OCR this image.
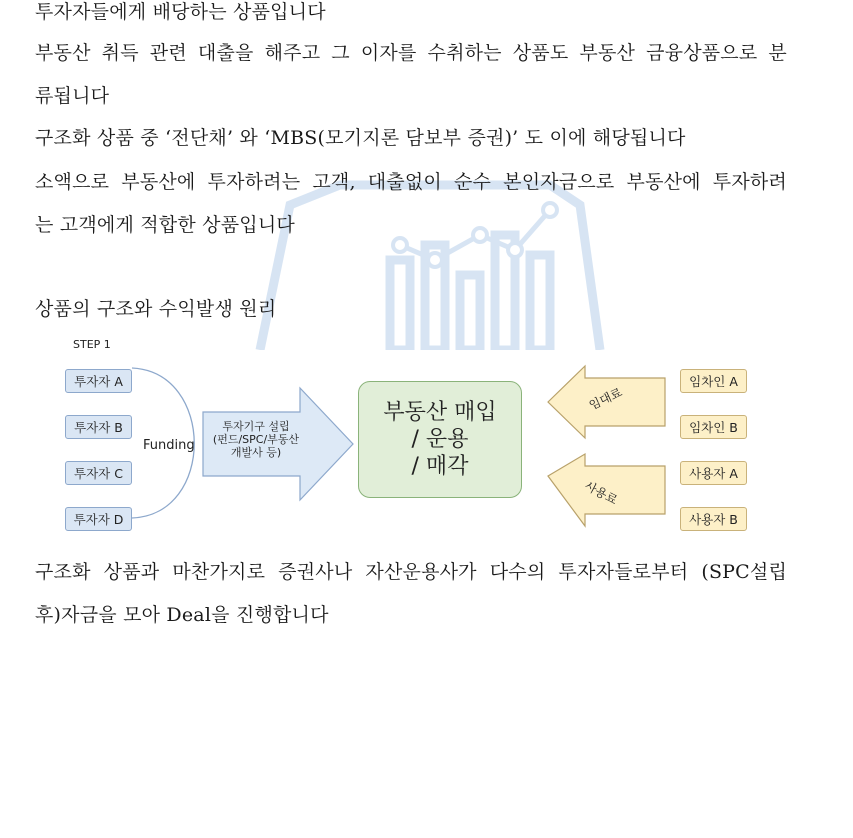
투자자들에게 배당하는 상품입니다
부동산 취득 관련 대출을 해주고 그 이자를 수취하는 상품도 부동산 금융상품으로 분
류됩니다
구조화 상품 중 ‘전단채’ 와 ‘MBS(모기지론 담보부 증권)’ 도 이에 해당됩니다
소액으로 부동산에 투자하려는 고객, 대출없이 순수 본인자금으로 부동산에 투자하려
는 고객에게 적합한 상품입니다
상품의 구조와 수익발생 원리
STEP 1
투자자 A
투자자 B
투자자 C
투자자 D
Funding
투자기구 설립
(펀드/SPC/부동산
개발사 등)
부동산 매입
/ 운용
/ 매각
임대료
사용료
임차인 A
임차인 B
사용자 A
사용자 B
구조화 상품과 마찬가지로 증권사나 자산운용사가 다수의 투자자들로부터 (SPC설립
후)자금을 모아 Deal을 진행합니다
